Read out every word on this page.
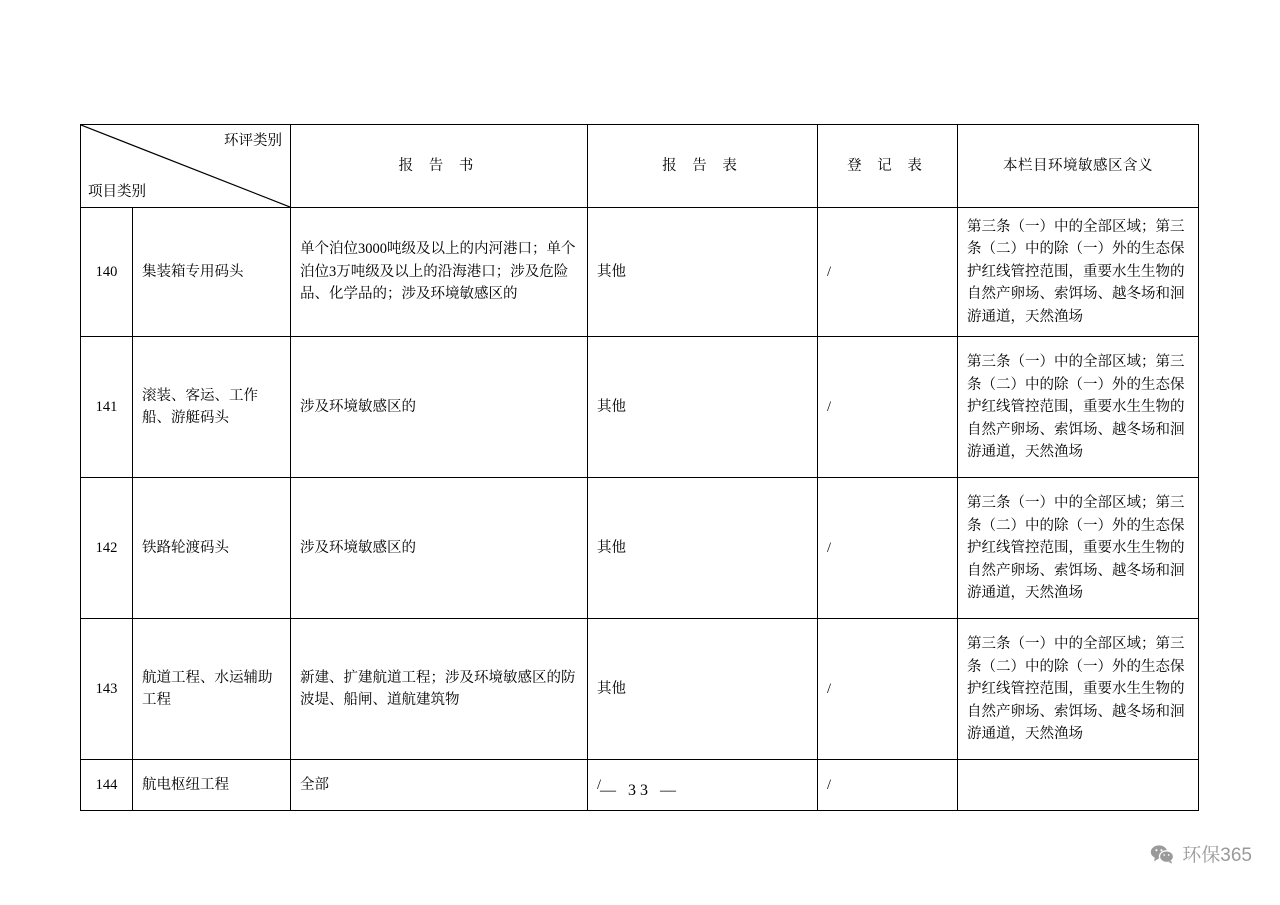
环评类别
项目类别		报 告 书	报 告 表	登 记 表	本栏目环境敏感区含义
140	集装箱专用码头	单个泊位3000吨级及以上的内河港口；单个泊位3万吨级及以上的沿海港口；涉及危险品、化学品的；涉及环境敏感区的	其他	/	第三条（一）中的全部区域；第三条（二）中的除（一）外的生态保护红线管控范围，重要水生生物的自然产卵场、索饵场、越冬场和洄游通道，天然渔场
141	滚装、客运、工作船、游艇码头	涉及环境敏感区的	其他	/	第三条（一）中的全部区域；第三条（二）中的除（一）外的生态保护红线管控范围，重要水生生物的自然产卵场、索饵场、越冬场和洄游通道，天然渔场
142	铁路轮渡码头	涉及环境敏感区的	其他	/	第三条（一）中的全部区域；第三条（二）中的除（一）外的生态保护红线管控范围，重要水生生物的自然产卵场、索饵场、越冬场和洄游通道，天然渔场
143	航道工程、水运辅助工程	新建、扩建航道工程；涉及环境敏感区的防波堤、船闸、道航建筑物	其他	/	第三条（一）中的全部区域；第三条（二）中的除（一）外的生态保护红线管控范围，重要水生生物的自然产卵场、索饵场、越冬场和洄游通道，天然渔场
144	航电枢纽工程	全部	/	/	
— 33 —
环保365
